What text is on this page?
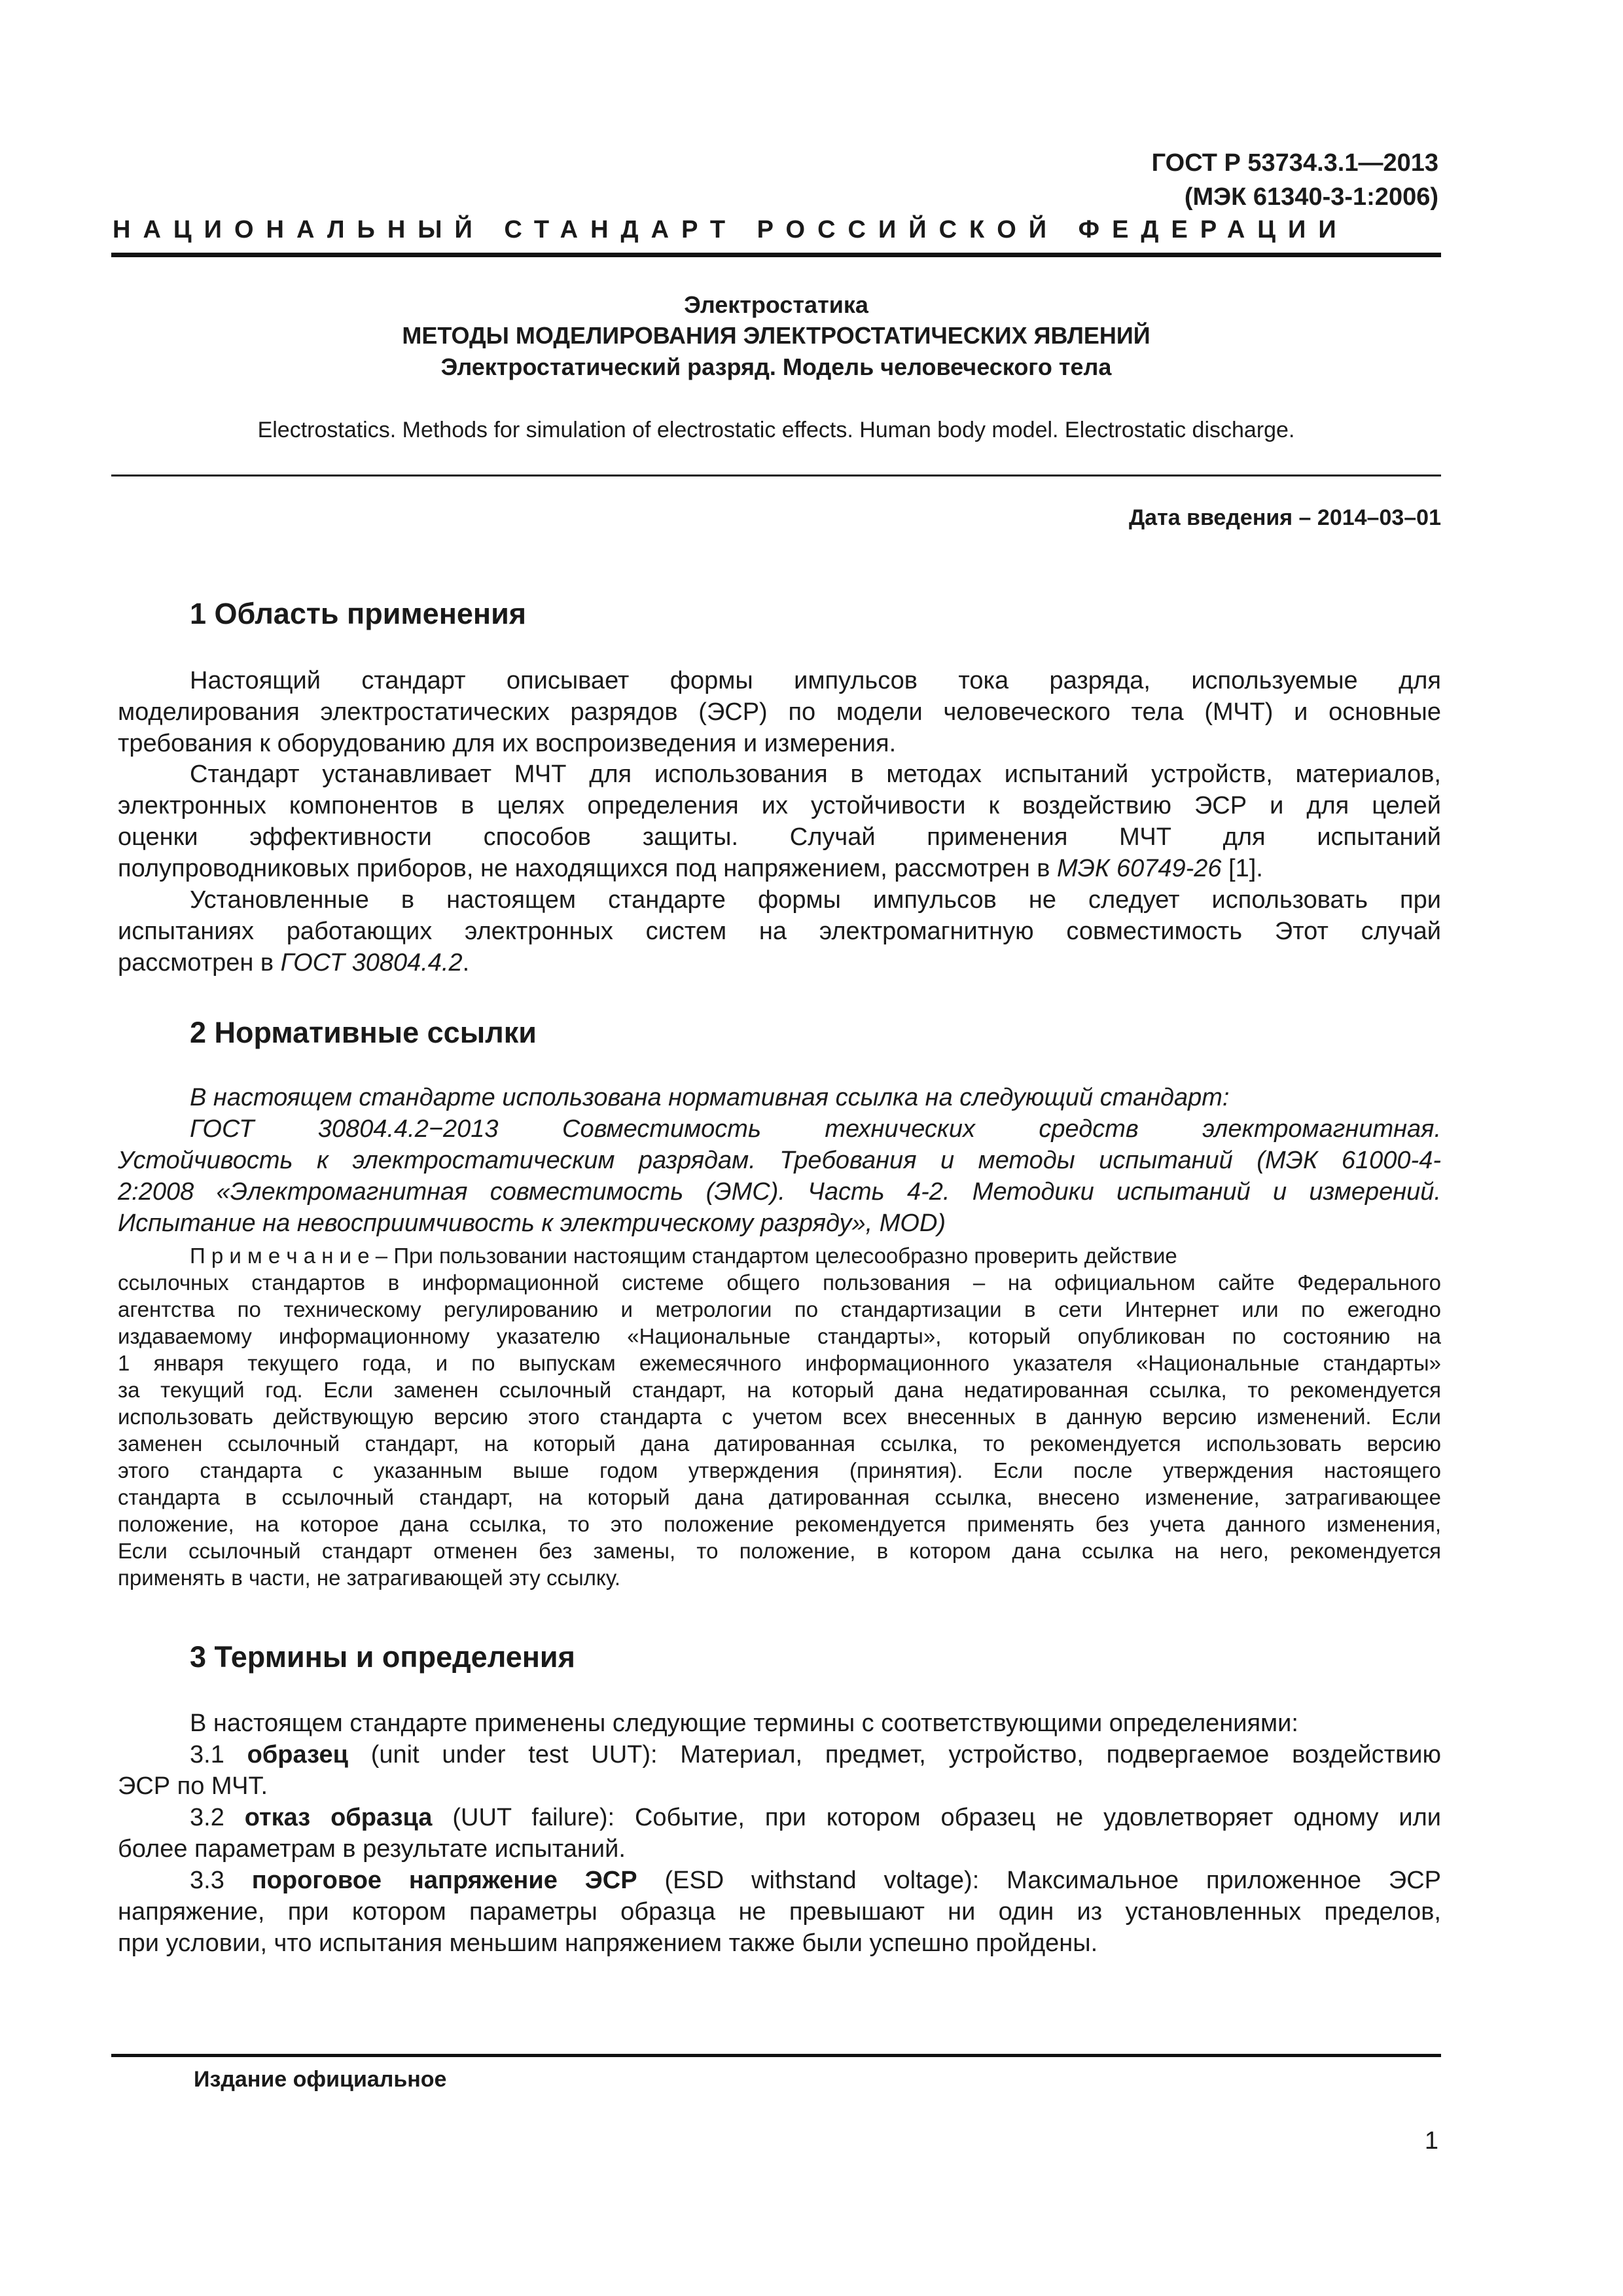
ГОСТ Р 53734.3.1—2013
(МЭК 61340-3-1:2006)
НАЦИОНАЛЬНЫЙ СТАНДАРТ РОССИЙСКОЙ ФЕДЕРАЦИИ
Электростатика
МЕТОДЫ МОДЕЛИРОВАНИЯ ЭЛЕКТРОСТАТИЧЕСКИХ ЯВЛЕНИЙ
Электростатический разряд. Модель человеческого тела
Electrostatics. Methods for simulation of electrostatic effects. Human body model. Electrostatic discharge.
Дата введения – 2014–03–01
1 Область применения
Настоящий стандарт описывает формы импульсов тока разряда, используемые для
моделирования электростатических разрядов (ЭСР) по модели человеческого тела (МЧТ) и основные
требования к оборудованию для их воспроизведения и измерения.
Стандарт устанавливает МЧТ для использования в методах испытаний устройств, материалов,
электронных компонентов в целях определения их устойчивости к воздействию ЭСР и для целей
оценки эффективности способов защиты. Случай применения МЧТ для испытаний
полупроводниковых приборов, не находящихся под напряжением, рассмотрен в МЭК 60749-26 [1].
Установленные в настоящем стандарте формы импульсов не следует использовать при
испытаниях работающих электронных систем на электромагнитную совместимость Этот случай
рассмотрен в ГОСТ 30804.4.2.
2 Нормативные ссылки
В настоящем стандарте использована нормативная ссылка на следующий стандарт:
ГОСТ 30804.4.2−2013 Совместимость технических средств электромагнитная.
Устойчивость к электростатическим разрядам. Требования и методы испытаний (МЭК 61000-4-
2:2008 «Электромагнитная совместимость (ЭМС). Часть 4-2. Методики испытаний и измерений.
Испытание на невосприимчивость к электрическому разряду», MOD)
П р и м е ч а н и е – При пользовании настоящим стандартом целесообразно проверить действие
ссылочных стандартов в информационной системе общего пользования – на официальном сайте Федерального
агентства по техническому регулированию и метрологии по стандартизации в сети Интернет или по ежегодно
издаваемому информационному указателю «Национальные стандарты», который опубликован по состоянию на
1 января текущего года, и по выпускам ежемесячного информационного указателя «Национальные стандарты»
за текущий год. Если заменен ссылочный стандарт, на который дана недатированная ссылка, то рекомендуется
использовать действующую версию этого стандарта с учетом всех внесенных в данную версию изменений. Если
заменен ссылочный стандарт, на который дана датированная ссылка, то рекомендуется использовать версию
этого стандарта с указанным выше годом утверждения (принятия). Если после утверждения настоящего
стандарта в ссылочный стандарт, на который дана датированная ссылка, внесено изменение, затрагивающее
положение, на которое дана ссылка, то это положение рекомендуется применять без учета данного изменения,
Если ссылочный стандарт отменен без замены, то положение, в котором дана ссылка на него, рекомендуется
применять в части, не затрагивающей эту ссылку.
3 Термины и определения
В настоящем стандарте применены следующие термины с соответствующими определениями:
3.1 образец (unit under test UUT): Материал, предмет, устройство, подвергаемое воздействию
ЭСР по МЧТ.
3.2 отказ образца (UUT failure): Событие, при котором образец не удовлетворяет одному или
более параметрам в результате испытаний.
3.3 пороговое напряжение ЭСР (ESD withstand voltage): Максимальное приложенное ЭСР
напряжение, при котором параметры образца не превышают ни один из установленных пределов,
при условии, что испытания меньшим напряжением также были успешно пройдены.
Издание официальное
1
